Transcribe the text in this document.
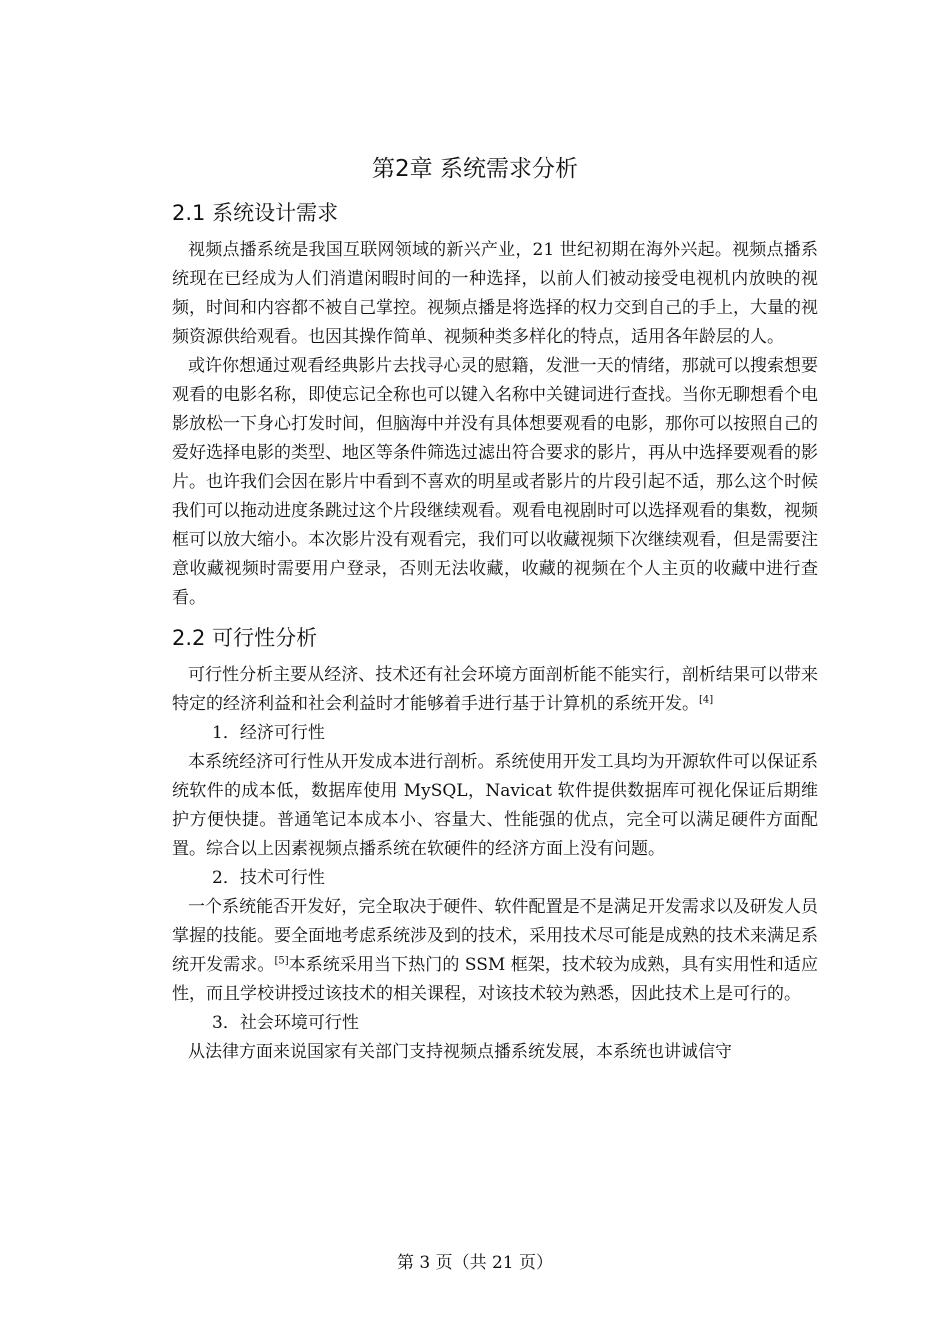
第2章 系统需求分析
2.1 系统设计需求

视频点播系统是我国互联网领域的新兴产业，21 世纪初期在海外兴起。视频点播系统现在已经成为人们消遣闲暇时间的一种选择，以前人们被动接受电视机内放映的视频，时间和内容都不被自己掌控。视频点播是将选择的权力交到自己的手上，大量的视频资源供给观看。也因其操作简单、视频种类多样化的特点，适用各年龄层的人。

或许你想通过观看经典影片去找寻心灵的慰籍，发泄一天的情绪，那就可以搜索想要观看的电影名称，即使忘记全称也可以键入名称中关键词进行查找。当你无聊想看个电影放松一下身心打发时间，但脑海中并没有具体想要观看的电影，那你可以按照自己的爱好选择电影的类型、地区等条件筛选过滤出符合要求的影片，再从中选择要观看的影片。也许我们会因在影片中看到不喜欢的明星或者影片的片段引起不适，那么这个时候我们可以拖动进度条跳过这个片段继续观看。观看电视剧时可以选择观看的集数，视频框可以放大缩小。本次影片没有观看完，我们可以收藏视频下次继续观看，但是需要注意收藏视频时需要用户登录，否则无法收藏，收藏的视频在个人主页的收藏中进行查看。

2.2 可行性分析

可行性分析主要从经济、技术还有社会环境方面剖析能不能实行，剖析结果可以带来特定的经济利益和社会利益时才能够着手进行基于计算机的系统开发。[4]

1．经济可行性

本系统经济可行性从开发成本进行剖析。系统使用开发工具均为开源软件可以保证系统软件的成本低，数据库使用 MySQL，Navicat 软件提供数据库可视化保证后期维护方便快捷。普通笔记本成本小、容量大、性能强的优点，完全可以满足硬件方面配置。综合以上因素视频点播系统在软硬件的经济方面上没有问题。

2．技术可行性

一个系统能否开发好，完全取决于硬件、软件配置是不是满足开发需求以及研发人员掌握的技能。要全面地考虑系统涉及到的技术，采用技术尽可能是成熟的技术来满足系统开发需求。[5]本系统采用当下热门的 SSM 框架，技术较为成熟，具有实用性和适应性，而且学校讲授过该技术的相关课程，对该技术较为熟悉，因此技术上是可行的。

3．社会环境可行性

从法律方面来说国家有关部门支持视频点播系统发展，本系统也讲诚信守

第 3 页（共 21 页）
